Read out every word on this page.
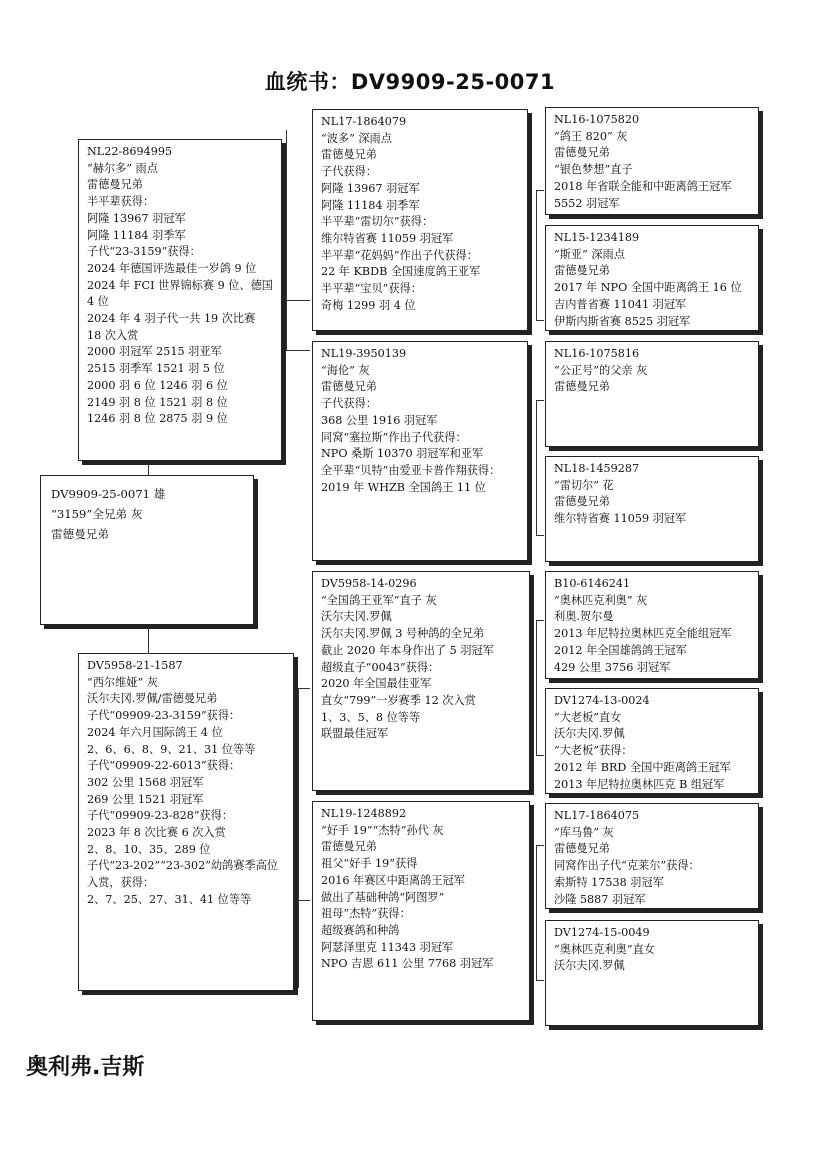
血统书：DV9909-25-0071
NL22-8694995
“赫尔多” 雨点
雷德曼兄弟
半平辈获得：
阿隆 13967 羽冠军
阿隆 11184 羽季军
子代“23-3159”获得：
2024 年德国评选最佳一岁鸽 9 位
2024 年 FCI 世界锦标赛 9 位、德国 4 位
2024 年 4 羽子代一共 19 次比赛 18 次入赏
2000 羽冠军 2515 羽亚军
2515 羽季军 1521 羽 5 位
2000 羽 6 位 1246 羽 6 位
2149 羽 8 位 1521 羽 8 位
1246 羽 8 位 2875 羽 9 位
DV9909-25-0071 雄
“3159”全兄弟 灰
雷德曼兄弟
DV5958-21-1587
“西尔维娅” 灰
沃尔夫冈.罗佩/雷德曼兄弟
子代“09909-23-3159”获得：
2024 年六月国际鸽王 4 位
2、6、6、8、9、21、31 位等等
子代“09909-22-6013”获得：
302 公里 1568 羽冠军
269 公里 1521 羽冠军
子代“09909-23-828”获得：
2023 年 8 次比赛 6 次入赏
2、8、10、35、289 位
子代“23-202”“23-302”幼鸽赛季高位入赏，获得：
2、7、25、27、31、41 位等等
NL17-1864079
“波多” 深雨点
雷德曼兄弟
子代获得：
阿隆 13967 羽冠军
阿隆 11184 羽季军
半平辈“雷切尔”获得：
维尔特省赛 11059 羽冠军
半平辈“花妈妈”作出子代获得：
22 年 KBDB 全国速度鸽王亚军
半平辈“宝贝”获得：
奇梅 1299 羽 4 位
NL19-3950139
“海伦” 灰
雷德曼兄弟
子代获得：
368 公里 1916 羽冠军
同窝“塞拉斯”作出子代获得：
NPO 桑斯 10370 羽冠军和亚军
全平辈“贝特”由爱亚卡普作翔获得：
2019 年 WHZB 全国鸽王 11 位
DV5958-14-0296
“全国鸽王亚军”直子 灰
沃尔夫冈.罗佩
沃尔夫冈.罗佩 3 号种鸽的全兄弟
截止 2020 年本身作出了 5 羽冠军
超级直子“0043”获得：
2020 年全国最佳亚军
直女“799”一岁赛季 12 次入赏
1、3、5、8 位等等
联盟最佳冠军
NL19-1248892
“好手 19”“杰特”孙代 灰
雷德曼兄弟
祖父“好手 19”获得
2016 年赛区中距离鸽王冠军
做出了基础种鸽“阿图罗”
祖母“杰特”获得：
超级赛鸽和种鸽
阿瑟泽里克 11343 羽冠军
NPO 吉恩 611 公里 7768 羽冠军
NL16-1075820
“鸽王 820” 灰
雷德曼兄弟
“银色梦想”直子
2018 年省联全能和中距离鸽王冠军
5552 羽冠军
NL15-1234189
“斯亚” 深雨点
雷德曼兄弟
2017 年 NPO 全国中距离鸽王 16 位
吉内普省赛 11041 羽冠军
伊斯内斯省赛 8525 羽冠军
NL16-1075816
“公正号”的父亲 灰
雷德曼兄弟
NL18-1459287
“雷切尔” 花
雷德曼兄弟
维尔特省赛 11059 羽冠军
B10-6146241
“奥林匹克利奥” 灰
利奥.贺尔曼
2013 年尼特拉奥林匹克全能组冠军
2012 年全国雄鸽鸽王冠军
429 公里 3756 羽冠军
DV1274-13-0024
“大老板”直女
沃尔夫冈.罗佩
“大老板”获得：
2012 年 BRD 全国中距离鸽王冠军
2013 年尼特拉奥林匹克 B 组冠军
NL17-1864075
“库马鲁” 灰
雷德曼兄弟
同窝作出子代“克莱尔”获得：
索斯特 17538 羽冠军
沙隆 5887 羽冠军
DV1274-15-0049
“奥林匹克利奥”直女
沃尔夫冈.罗佩
奥利弗.吉斯
